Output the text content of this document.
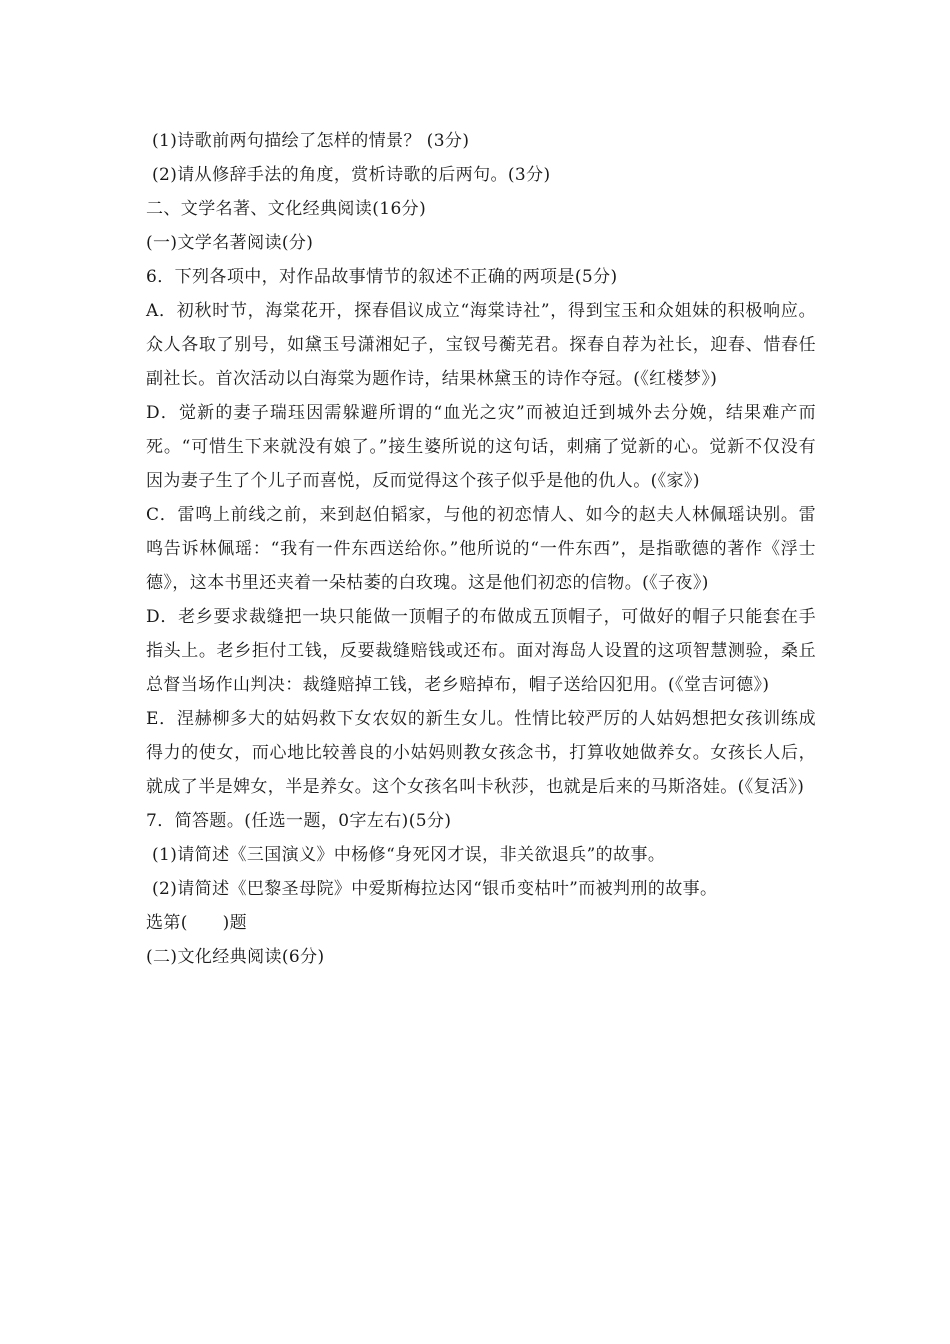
(1)诗歌前两句描绘了怎样的情景？ (3分)
(2)请从修辞手法的角度，赏析诗歌的后两句。(3分)
二、文学名著、文化经典阅读(16分)
(一)文学名著阅读(分)
6．下列各项中，对作品故事情节的叙述不正确的两项是(5分)
A．初秋时节，海棠花开，探春倡议成立“海棠诗社”，得到宝玉和众姐妹的积极响应。众人各取了别号，如黛玉号潇湘妃子，宝钗号蘅芜君。探春自荐为社长，迎春、惜春任副社长。首次活动以白海棠为题作诗，结果林黛玉的诗作夺冠。(《红楼梦》)
D．觉新的妻子瑞珏因需躲避所谓的“血光之灾”而被迫迁到城外去分娩，结果难产而死。“可惜生下来就没有娘了。”接生婆所说的这句话，刺痛了觉新的心。觉新不仅没有因为妻子生了个儿子而喜悦，反而觉得这个孩子似乎是他的仇人。(《家》)
C．雷鸣上前线之前，来到赵伯韬家，与他的初恋情人、如今的赵夫人林佩瑶诀别。雷鸣告诉林佩瑶：“我有一件东西送给你。”他所说的“一件东西”，是指歌德的著作《浮士德》，这本书里还夹着一朵枯萎的白玫瑰。这是他们初恋的信物。(《子夜》)
D．老乡要求裁缝把一块只能做一顶帽子的布做成五顶帽子，可做好的帽子只能套在手指头上。老乡拒付工钱，反要裁缝赔钱或还布。面对海岛人设置的这项智慧测验，桑丘总督当场作山判决：裁缝赔掉工钱，老乡赔掉布，帽子送给囚犯用。(《堂吉诃德》)
E．涅赫柳多大的姑妈救下女农奴的新生女儿。性情比较严厉的人姑妈想把女孩训练成得力的使女，而心地比较善良的小姑妈则教女孩念书，打算收她做养女。女孩长人后，就成了半是婢女，半是养女。这个女孩名叫卡秋莎，也就是后来的马斯洛娃。(《复活》)
7．简答题。(任选一题，0字左右)(5分)
(1)请简述《三国演义》中杨修“身死冈才误，非关欲退兵”的故事。
(2)请简述《巴黎圣母院》中爱斯梅拉达冈“银币变枯叶”而被判刑的故事。
选第(　　)题
(二)文化经典阅读(6分)
